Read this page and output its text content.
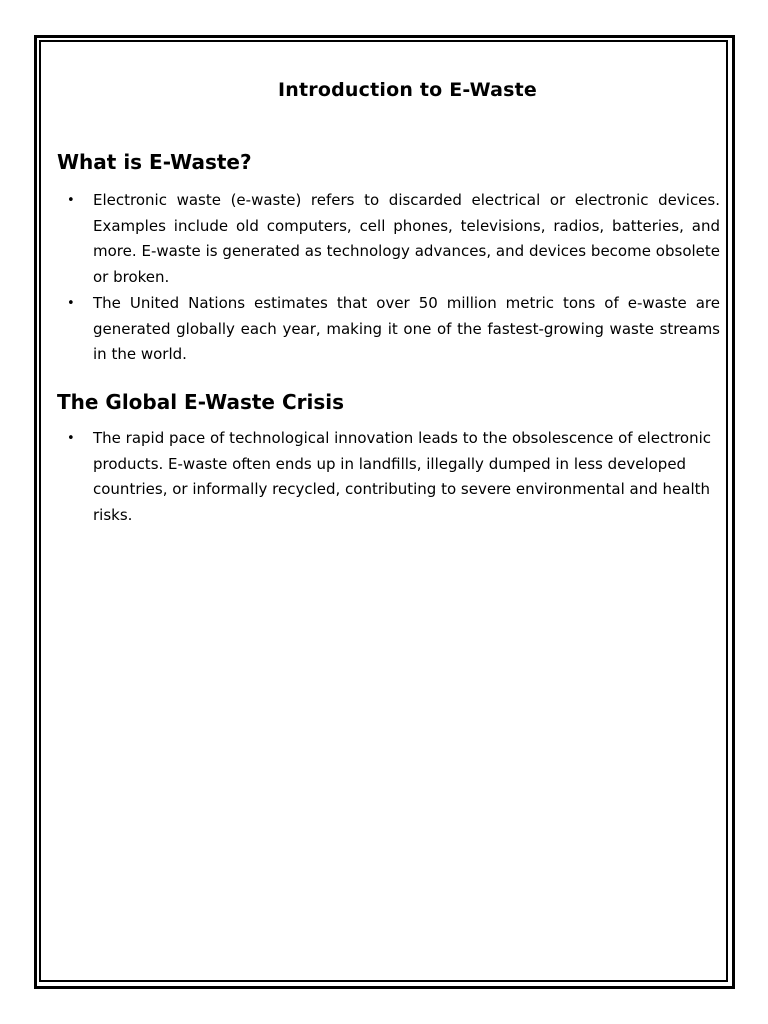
Introduction to E-Waste
What is E-Waste?
• Electronic waste (e-waste) refers to discarded electrical or electronic devices. Examples include old computers, cell phones, televisions, radios, batteries, and more. E-waste is generated as technology advances, and devices become obsolete or broken.
• The United Nations estimates that over 50 million metric tons of e-waste are generated globally each year, making it one of the fastest-growing waste streams in the world.
The Global E-Waste Crisis
• The rapid pace of technological innovation leads to the obsolescence of electronic products. E-waste often ends up in landfills, illegally dumped in less developed countries, or informally recycled, contributing to severe environmental and health risks.
